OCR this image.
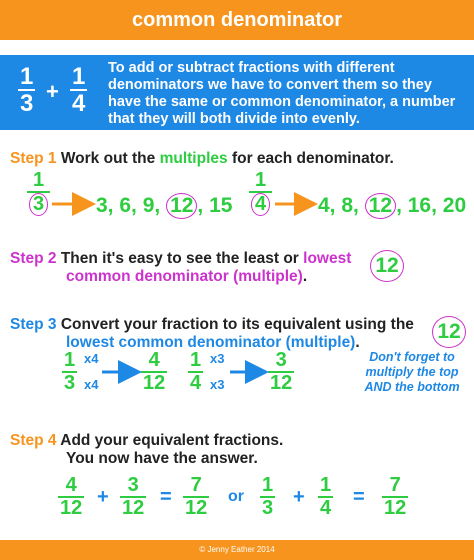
common denominator
$\frac{1}{3} + \frac{1}{4}$ To add or subtract fractions with different denominators we have to convert them so they have the same or common denominator, a number that they will both divide into evenly.
Step 1 Work out the multiples for each denominator.
$\frac{1}{3} 3$, 6, 9, 12 , $15 \frac{1}{4} 4$, 8, 12 , 16, 20
Step 2 Then it's easy to see the least or lowest
common denominator (multiple).	12
Step 3 Convert your fraction to its equivalent using the
lowest common denominator (multiple).	12
$\frac{1}{3} x4$
$x4 \frac{4}{12} \frac{1}{4} x3$
$x3 \frac{3}{12}$	Don't forget to multiply the top AND the bottom
Step 4 Add your equivalent fractions.
You now have the answer.
$\frac{4}{12} + \frac{3}{12} = \frac{7}{12}$ or $\frac{1}{3} + \frac{1}{4} = \frac{7}{12}$
© Jenny Eather 2014
